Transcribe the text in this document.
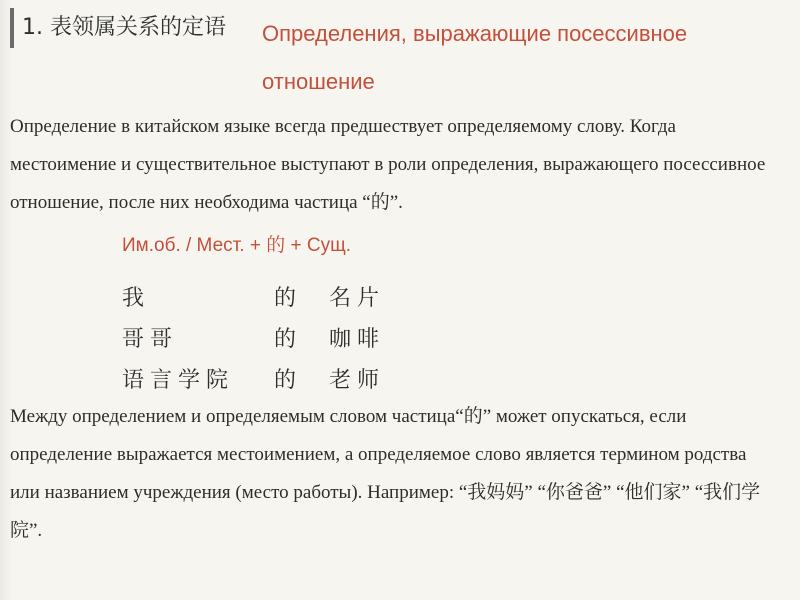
1. 表领属关系的定语 Определения, выражающие посессивное отношение
Определение в китайском языке всегда предшествует определяемому слову. Когда местоимение и существительное выступают в роли определения, выражающего посессивное отношение, после них необходима частица “的”.
Им.об. / Мест. + 的 + Сущ.
我	的	名片
哥哥	的	咖啡
语言学院	的	老师
Между определением и определяемым словом частица“的” может опускаться, если определение выражается местоимением, а определяемое слово является термином родства или названием учреждения (место работы). Например: “我妈妈” “你爸爸” “他们家” “我们学院”.
